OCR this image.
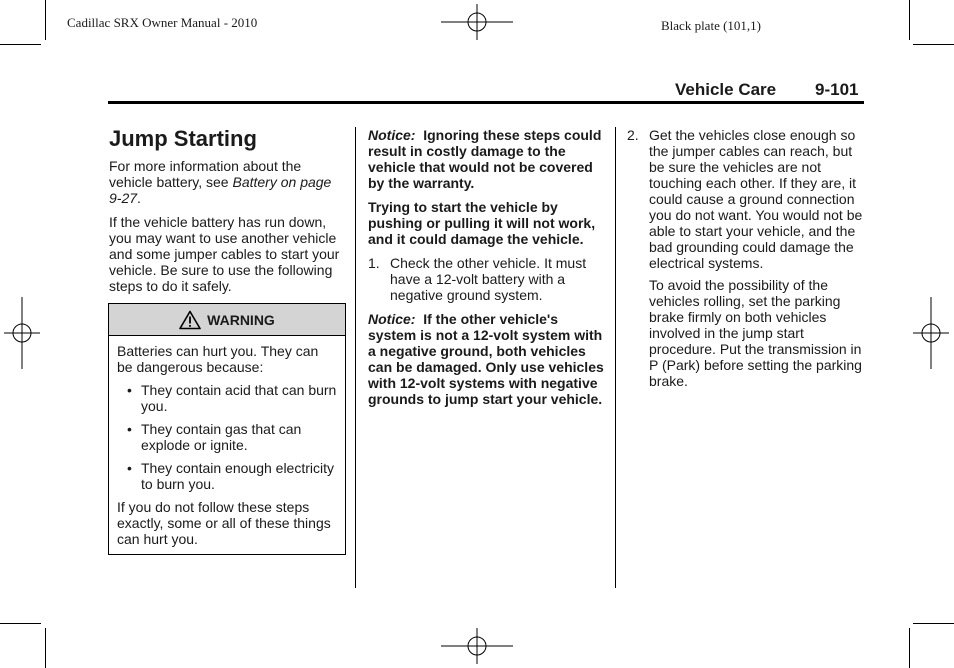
Cadillac SRX Owner Manual - 2010	Black plate (101,1)
Vehicle Care 9-101
Jump Starting

For more information about the vehicle battery, see Battery on page 9-27.

If the vehicle battery has run down, you may want to use another vehicle and some jumper cables to start your vehicle. Be sure to use the following steps to do it safely.

WARNING

Batteries can hurt you. They can be dangerous because:

• They contain acid that can burn you.
• They contain gas that can explode or ignite.
• They contain enough electricity to burn you.

If you do not follow these steps exactly, some or all of these things can hurt you.

Notice: Ignoring these steps could result in costly damage to the vehicle that would not be covered by the warranty.

Trying to start the vehicle by pushing or pulling it will not work, and it could damage the vehicle.

1. Check the other vehicle. It must have a 12-volt battery with a negative ground system.

Notice: If the other vehicle's system is not a 12-volt system with a negative ground, both vehicles can be damaged. Only use vehicles with 12-volt systems with negative grounds to jump start your vehicle.

2. Get the vehicles close enough so the jumper cables can reach, but be sure the vehicles are not touching each other. If they are, it could cause a ground connection you do not want. You would not be able to start your vehicle, and the bad grounding could damage the electrical systems.

To avoid the possibility of the vehicles rolling, set the parking brake firmly on both vehicles involved in the jump start procedure. Put the transmission in P (Park) before setting the parking brake.
